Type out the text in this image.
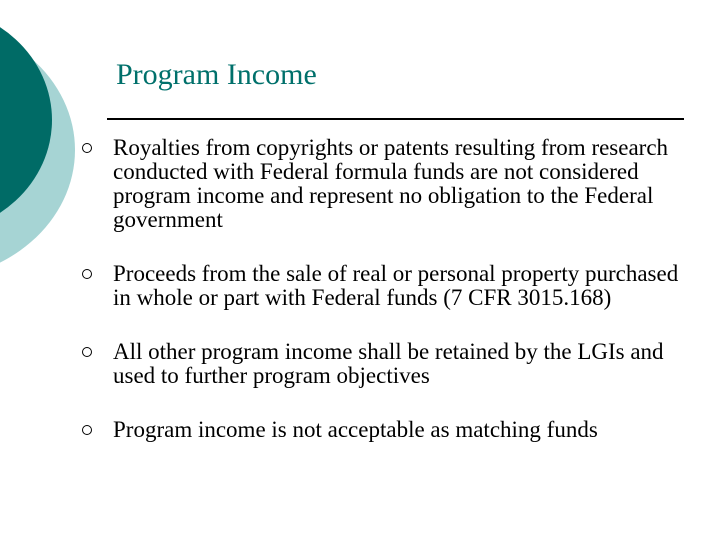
Program Income
Royalties from copyrights or patents resulting from research conducted with Federal formula funds are not considered program income and represent no obligation to the Federal government
Proceeds from the sale of real or personal property purchased in whole or part with Federal funds (7 CFR 3015.168)
All other program income shall be retained by the LGIs and used to further program objectives
Program income is not acceptable as matching funds
